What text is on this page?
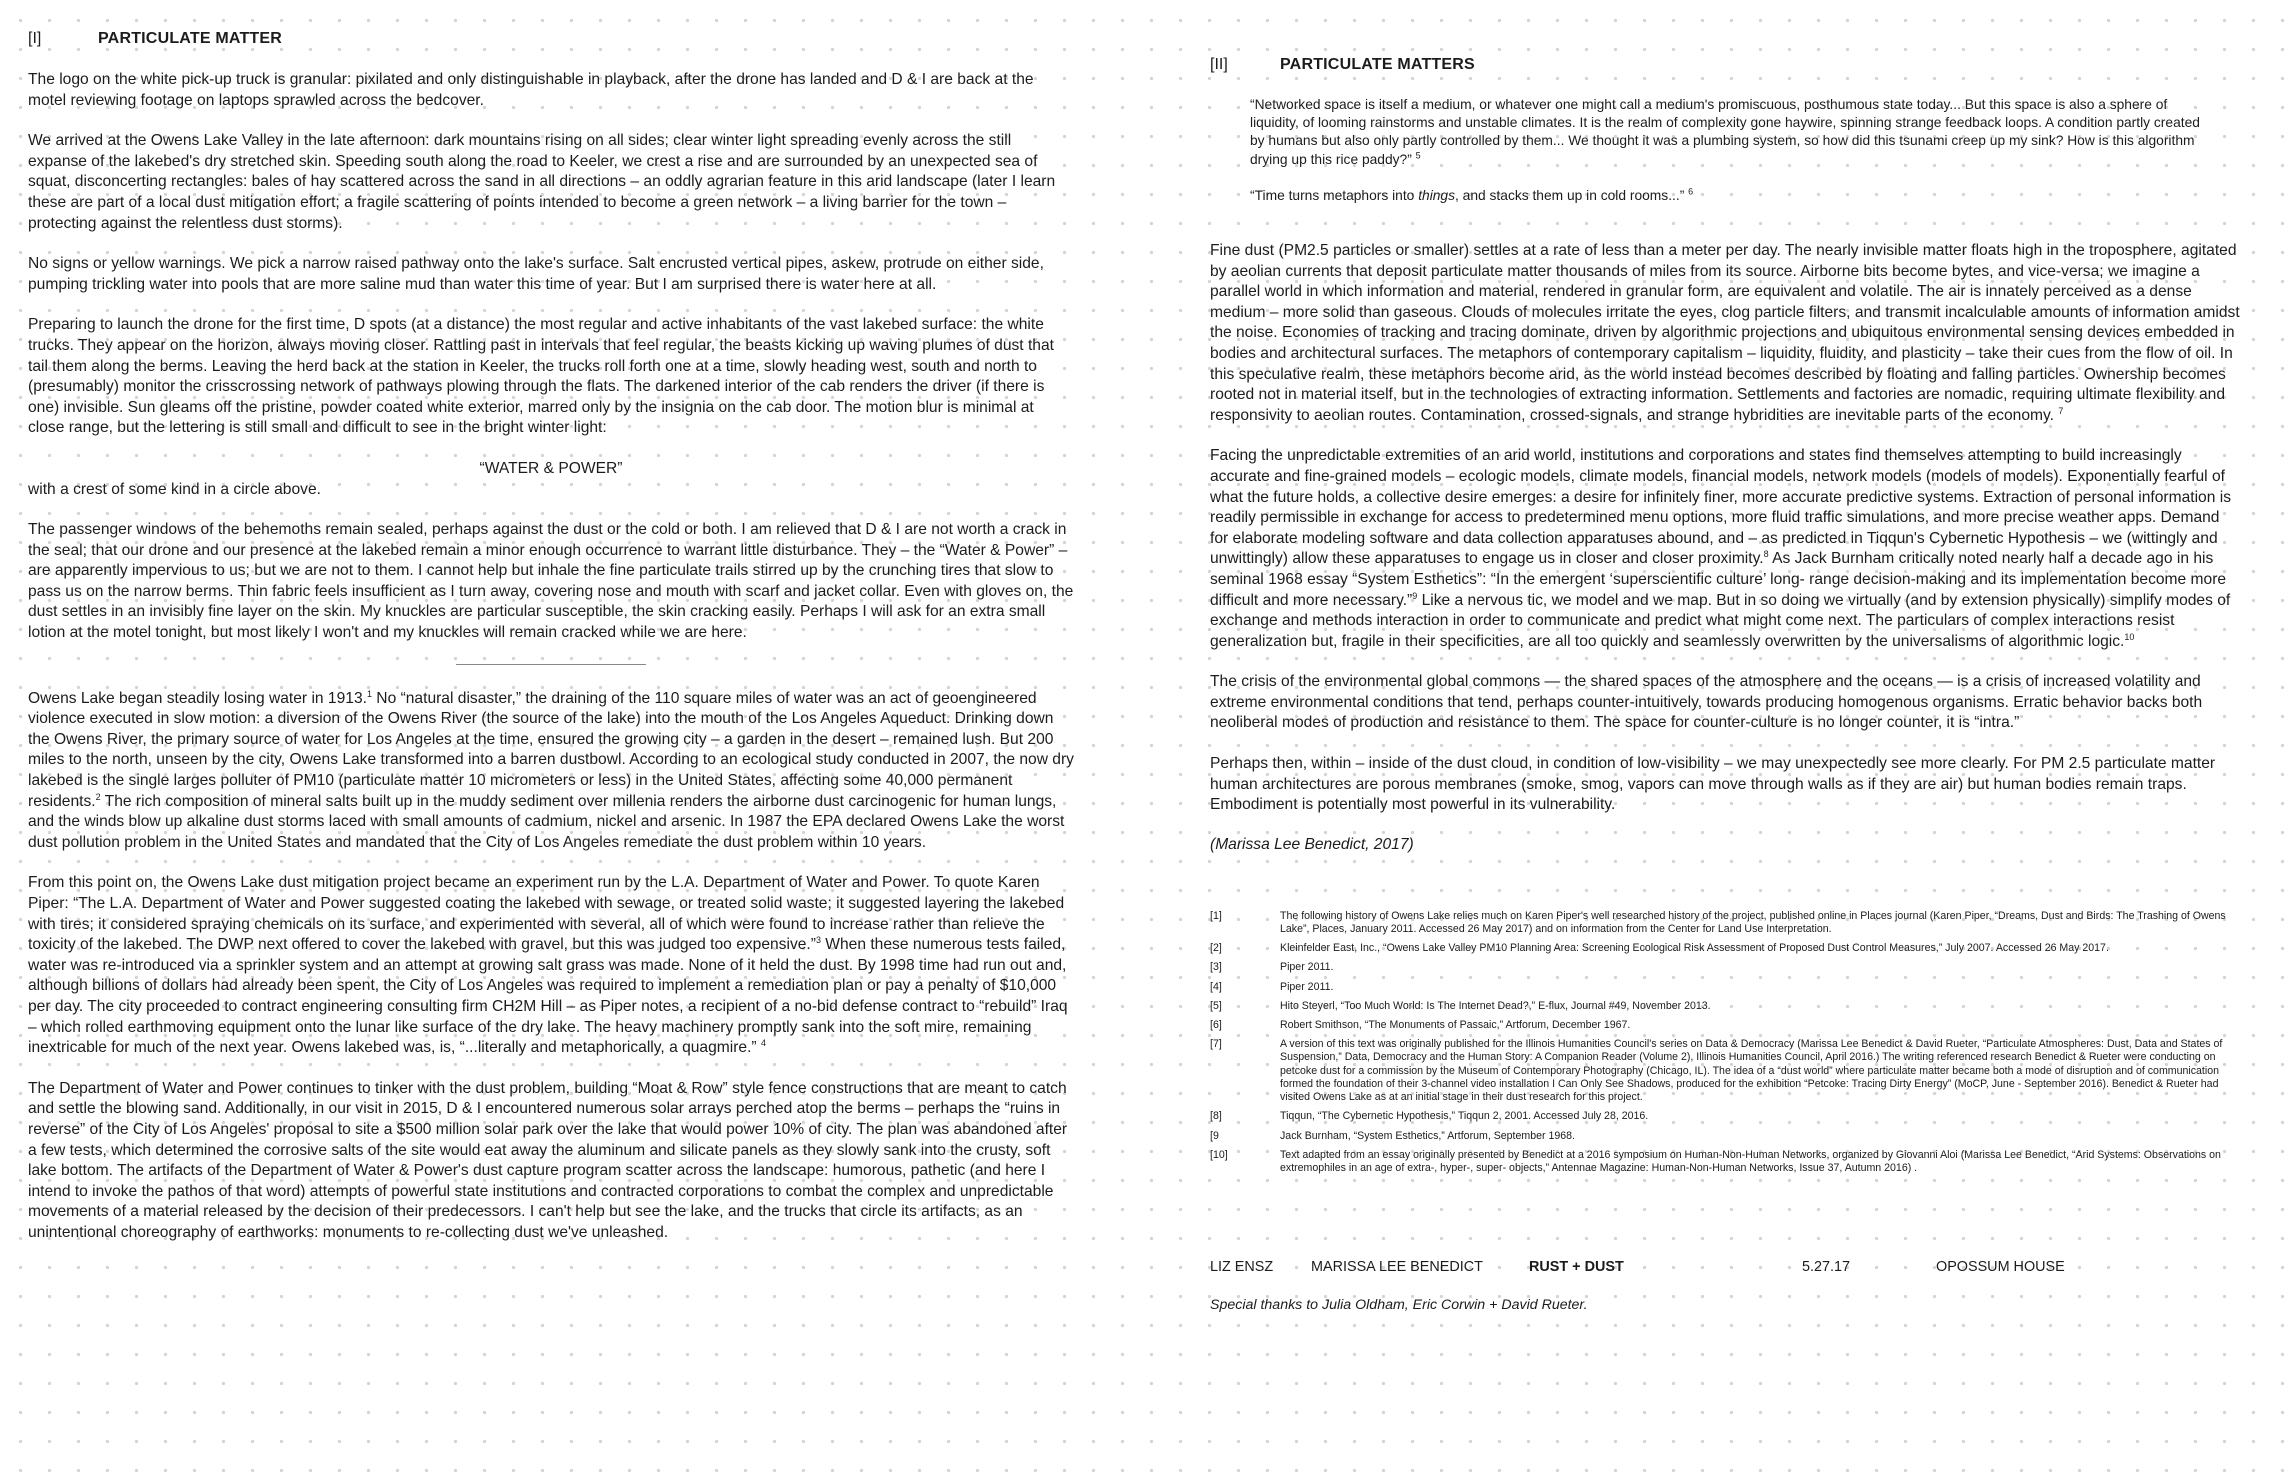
[I]	PARTICULATE MATTER

The logo on the white pick-up truck is granular: pixilated and only distinguishable in playback, after the drone has landed and D & I are back at the motel reviewing footage on laptops sprawled across the bedcover.

We arrived at the Owens Lake Valley in the late afternoon: dark mountains rising on all sides; clear winter light spreading evenly across the still expanse of the lakebed's dry stretched skin. Speeding south along the road to Keeler, we crest a rise and are surrounded by an unexpected sea of squat, disconcerting rectangles: bales of hay scattered across the sand in all directions – an oddly agrarian feature in this arid landscape (later I learn these are part of a local dust mitigation effort; a fragile scattering of points intended to become a green network – a living barrier for the town – protecting against the relentless dust storms).

No signs or yellow warnings. We pick a narrow raised pathway onto the lake's surface. Salt encrusted vertical pipes, askew, protrude on either side, pumping trickling water into pools that are more saline mud than water this time of year. But I am surprised there is water here at all.

Preparing to launch the drone for the first time, D spots (at a distance) the most regular and active inhabitants of the vast lakebed surface: the white trucks. They appear on the horizon, always moving closer. Rattling past in intervals that feel regular, the beasts kicking up waving plumes of dust that tail them along the berms. Leaving the herd back at the station in Keeler, the trucks roll forth one at a time, slowly heading west, south and north to (presumably) monitor the crisscrossing network of pathways plowing through the flats. The darkened interior of the cab renders the driver (if there is one) invisible. Sun gleams off the pristine, powder coated white exterior, marred only by the insignia on the cab door. The motion blur is minimal at close range, but the lettering is still small and difficult to see in the bright winter light:

“WATER & POWER”

with a crest of some kind in a circle above.

The passenger windows of the behemoths remain sealed, perhaps against the dust or the cold or both. I am relieved that D & I are not worth a crack in the seal; that our drone and our presence at the lakebed remain a minor enough occurrence to warrant little disturbance. They – the “Water & Power” – are apparently impervious to us; but we are not to them. I cannot help but inhale the fine particulate trails stirred up by the crunching tires that slow to pass us on the narrow berms. Thin fabric feels insufficient as I turn away, covering nose and mouth with scarf and jacket collar. Even with gloves on, the dust settles in an invisibly fine layer on the skin. My knuckles are particular susceptible, the skin cracking easily. Perhaps I will ask for an extra small lotion at the motel tonight, but most likely I won't and my knuckles will remain cracked while we are here.

Owens Lake began steadily losing water in 1913.$^1$ No “natural disaster,” the draining of the 110 square miles of water was an act of geoengineered violence executed in slow motion: a diversion of the Owens River (the source of the lake) into the mouth of the Los Angeles Aqueduct. Drinking down the Owens River, the primary source of water for Los Angeles at the time, ensured the growing city – a garden in the desert – remained lush. But 200 miles to the north, unseen by the city, Owens Lake transformed into a barren dustbowl. According to an ecological study conducted in 2007, the now dry lakebed is the single larges polluter of PM10 (particulate matter 10 micrometers or less) in the United States, affecting some 40,000 permanent residents.$^2$ The rich composition of mineral salts built up in the muddy sediment over millenia renders the airborne dust carcinogenic for human lungs, and the winds blow up alkaline dust storms laced with small amounts of cadmium, nickel and arsenic. In 1987 the EPA declared Owens Lake the worst dust pollution problem in the United States and mandated that the City of Los Angeles remediate the dust problem within 10 years.

From this point on, the Owens Lake dust mitigation project became an experiment run by the L.A. Department of Water and Power. To quote Karen Piper: “The L.A. Department of Water and Power suggested coating the lakebed with sewage, or treated solid waste; it suggested layering the lakebed with tires; it considered spraying chemicals on its surface, and experimented with several, all of which were found to increase rather than relieve the toxicity of the lakebed. The DWP next offered to cover the lakebed with gravel, but this was judged too expensive.”$^3$ When these numerous tests failed, water was re-introduced via a sprinkler system and an attempt at growing salt grass was made. None of it held the dust. By 1998 time had run out and, although billions of dollars had already been spent, the City of Los Angeles was required to implement a remediation plan or pay a penalty of $10,000 per day. The city proceeded to contract engineering consulting firm CH2M Hill – as Piper notes, a recipient of a no-bid defense contract to “rebuild” Iraq – which rolled earthmoving equipment onto the lunar like surface of the dry lake. The heavy machinery promptly sank into the soft mire, remaining inextricable for much of the next year. Owens lakebed was, is, “...literally and metaphorically, a quagmire.” $^4$

The Department of Water and Power continues to tinker with the dust problem, building “Moat & Row” style fence constructions that are meant to catch and settle the blowing sand. Additionally, in our visit in 2015, D & I encountered numerous solar arrays perched atop the berms – perhaps the “ruins in reverse” of the City of Los Angeles' proposal to site a $500 million solar park over the lake that would power 10% of city. The plan was abandoned after a few tests, which determined the corrosive salts of the site would eat away the aluminum and silicate panels as they slowly sank into the crusty, soft lake bottom. The artifacts of the Department of Water & Power's dust capture program scatter across the landscape: humorous, pathetic (and here I intend to invoke the pathos of that word) attempts of powerful state institutions and contracted corporations to combat the complex and unpredictable movements of a material released by the decision of their predecessors. I can't help but see the lake, and the trucks that circle its artifacts, as an unintentional choreography of earthworks: monuments to re-collecting dust we've unleashed.

[II]	PARTICULATE MATTERS

“Networked space is itself a medium, or whatever one might call a medium's promiscuous, posthumous state today... But this space is also a sphere of liquidity, of looming rainstorms and unstable climates. It is the realm of complexity gone haywire, spinning strange feedback loops. A condition partly created by humans but also only partly controlled by them... We thought it was a plumbing system, so how did this tsunami creep up my sink? How is this algorithm drying up this rice paddy?” $^5$

“Time turns metaphors into things, and stacks them up in cold rooms...” $^6$

Fine dust (PM2.5 particles or smaller) settles at a rate of less than a meter per day. The nearly invisible matter floats high in the troposphere, agitated by aeolian currents that deposit particulate matter thousands of miles from its source. Airborne bits become bytes, and vice-versa; we imagine a parallel world in which information and material, rendered in granular form, are equivalent and volatile. The air is innately perceived as a dense medium – more solid than gaseous. Clouds of molecules irritate the eyes, clog particle filters, and transmit incalculable amounts of information amidst the noise. Economies of tracking and tracing dominate, driven by algorithmic projections and ubiquitous environmental sensing devices embedded in bodies and architectural surfaces. The metaphors of contemporary capitalism – liquidity, fluidity, and plasticity – take their cues from the flow of oil. In this speculative realm, these metaphors become arid, as the world instead becomes described by floating and falling particles. Ownership becomes rooted not in material itself, but in the technologies of extracting information. Settlements and factories are nomadic, requiring ultimate flexibility and responsivity to aeolian routes. Contamination, crossed-signals, and strange hybridities are inevitable parts of the economy. $^7$

Facing the unpredictable extremities of an arid world, institutions and corporations and states find themselves attempting to build increasingly accurate and fine-grained models – ecologic models, climate models, financial models, network models (models of models). Exponentially fearful of what the future holds, a collective desire emerges: a desire for infinitely finer, more accurate predictive systems. Extraction of personal information is readily permissible in exchange for access to predetermined menu options, more fluid traffic simulations, and more precise weather apps. Demand for elaborate modeling software and data collection apparatuses abound, and – as predicted in Tiqqun's Cybernetic Hypothesis – we (wittingly and unwittingly) allow these apparatuses to engage us in closer and closer proximity.$^8$ As Jack Burnham critically noted nearly half a decade ago in his seminal 1968 essay “System Esthetics”: “In the emergent ‘superscientific culture’ long- range decision-making and its implementation become more difficult and more necessary.”$^9$ Like a nervous tic, we model and we map. But in so doing we virtually (and by extension physically) simplify modes of exchange and methods interaction in order to communicate and predict what might come next. The particulars of complex interactions resist generalization but, fragile in their specificities, are all too quickly and seamlessly overwritten by the universalisms of algorithmic logic.$^{10}$

The crisis of the environmental global commons — the shared spaces of the atmosphere and the oceans — is a crisis of increased volatility and extreme environmental conditions that tend, perhaps counter-intuitively, towards producing homogenous organisms. Erratic behavior backs both neoliberal modes of production and resistance to them. The space for counter-culture is no longer counter, it is “intra.”

Perhaps then, within – inside of the dust cloud, in condition of low-visibility – we may unexpectedly see more clearly. For PM 2.5 particulate matter human architectures are porous membranes (smoke, smog, vapors can move through walls as if they are air) but human bodies remain traps. Embodiment is potentially most powerful in its vulnerability.

(Marissa Lee Benedict, 2017)

[1]	The following history of Owens Lake relies much on Karen Piper's well researched history of the project, published online in Places journal (Karen Piper, “Dreams, Dust and Birds: The Trashing of Owens Lake”, Places, January 2011. Accessed 26 May 2017) and on information from the Center for Land Use Interpretation.
[2]	Kleinfelder East, Inc., “Owens Lake Valley PM10 Planning Area: Screening Ecological Risk Assessment of Proposed Dust Control Measures,” July 2007. Accessed 26 May 2017.
[3]	Piper 2011.
[4]	Piper 2011.
[5]	Hito Steyerl, “Too Much World: Is The Internet Dead?,” E-flux, Journal #49, November 2013.
[6]	Robert Smithson, “The Monuments of Passaic,” Artforum, December 1967.
[7]	A version of this text was originally published for the Illinois Humanities Council's series on Data & Democracy (Marissa Lee Benedict & David Rueter, “Particulate Atmospheres: Dust, Data and States of Suspension,” Data, Democracy and the Human Story: A Companion Reader (Volume 2), Illinois Humanities Council, April 2016.) The writing referenced research Benedict & Rueter were conducting on petcoke dust for a commission by the Museum of Contemporary Photography (Chicago, IL). The idea of a “dust world” where particulate matter became both a mode of disruption and of communication formed the foundation of their 3-channel video installation I Can Only See Shadows, produced for the exhibition “Petcoke: Tracing Dirty Energy” (MoCP, June - September 2016). Benedict & Rueter had visited Owens Lake as at an initial stage in their dust research for this project.
[8]	Tiqqun, “The Cybernetic Hypothesis,” Tiqqun 2, 2001. Accessed July 28, 2016.
[9	Jack Burnham, “System Esthetics,” Artforum, September 1968.
[10]	Text adapted from an essay originally presented by Benedict at a 2016 symposium on Human-Non-Human Networks, organized by Giovanni Aloi (Marissa Lee Benedict, “Arid Systems: Observations on extremophiles in an age of extra-, hyper-, super- objects,” Antennae Magazine: Human-Non-Human Networks, Issue 37, Autumn 2016) .
LIZ ENSZ	MARISSA LEE BENEDICT	RUST + DUST	5.27.17	OPOSSUM HOUSE
Special thanks to Julia Oldham, Eric Corwin + David Rueter.
